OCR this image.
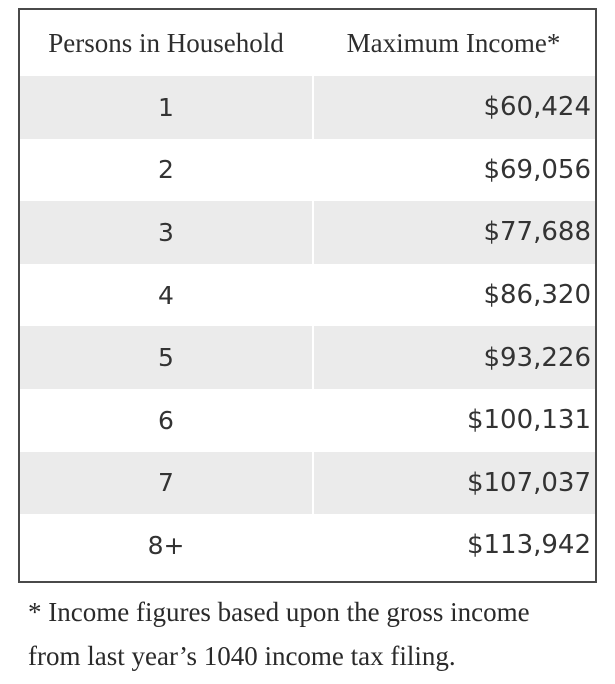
Persons in Household	Maximum Income*
1	$60,424
2	$69,056
3	$77,688
4	$86,320
5	$93,226
6	$100,131
7	$107,037
8+	$113,942
* Income figures based upon the gross income
from last year’s 1040 income tax filing.
